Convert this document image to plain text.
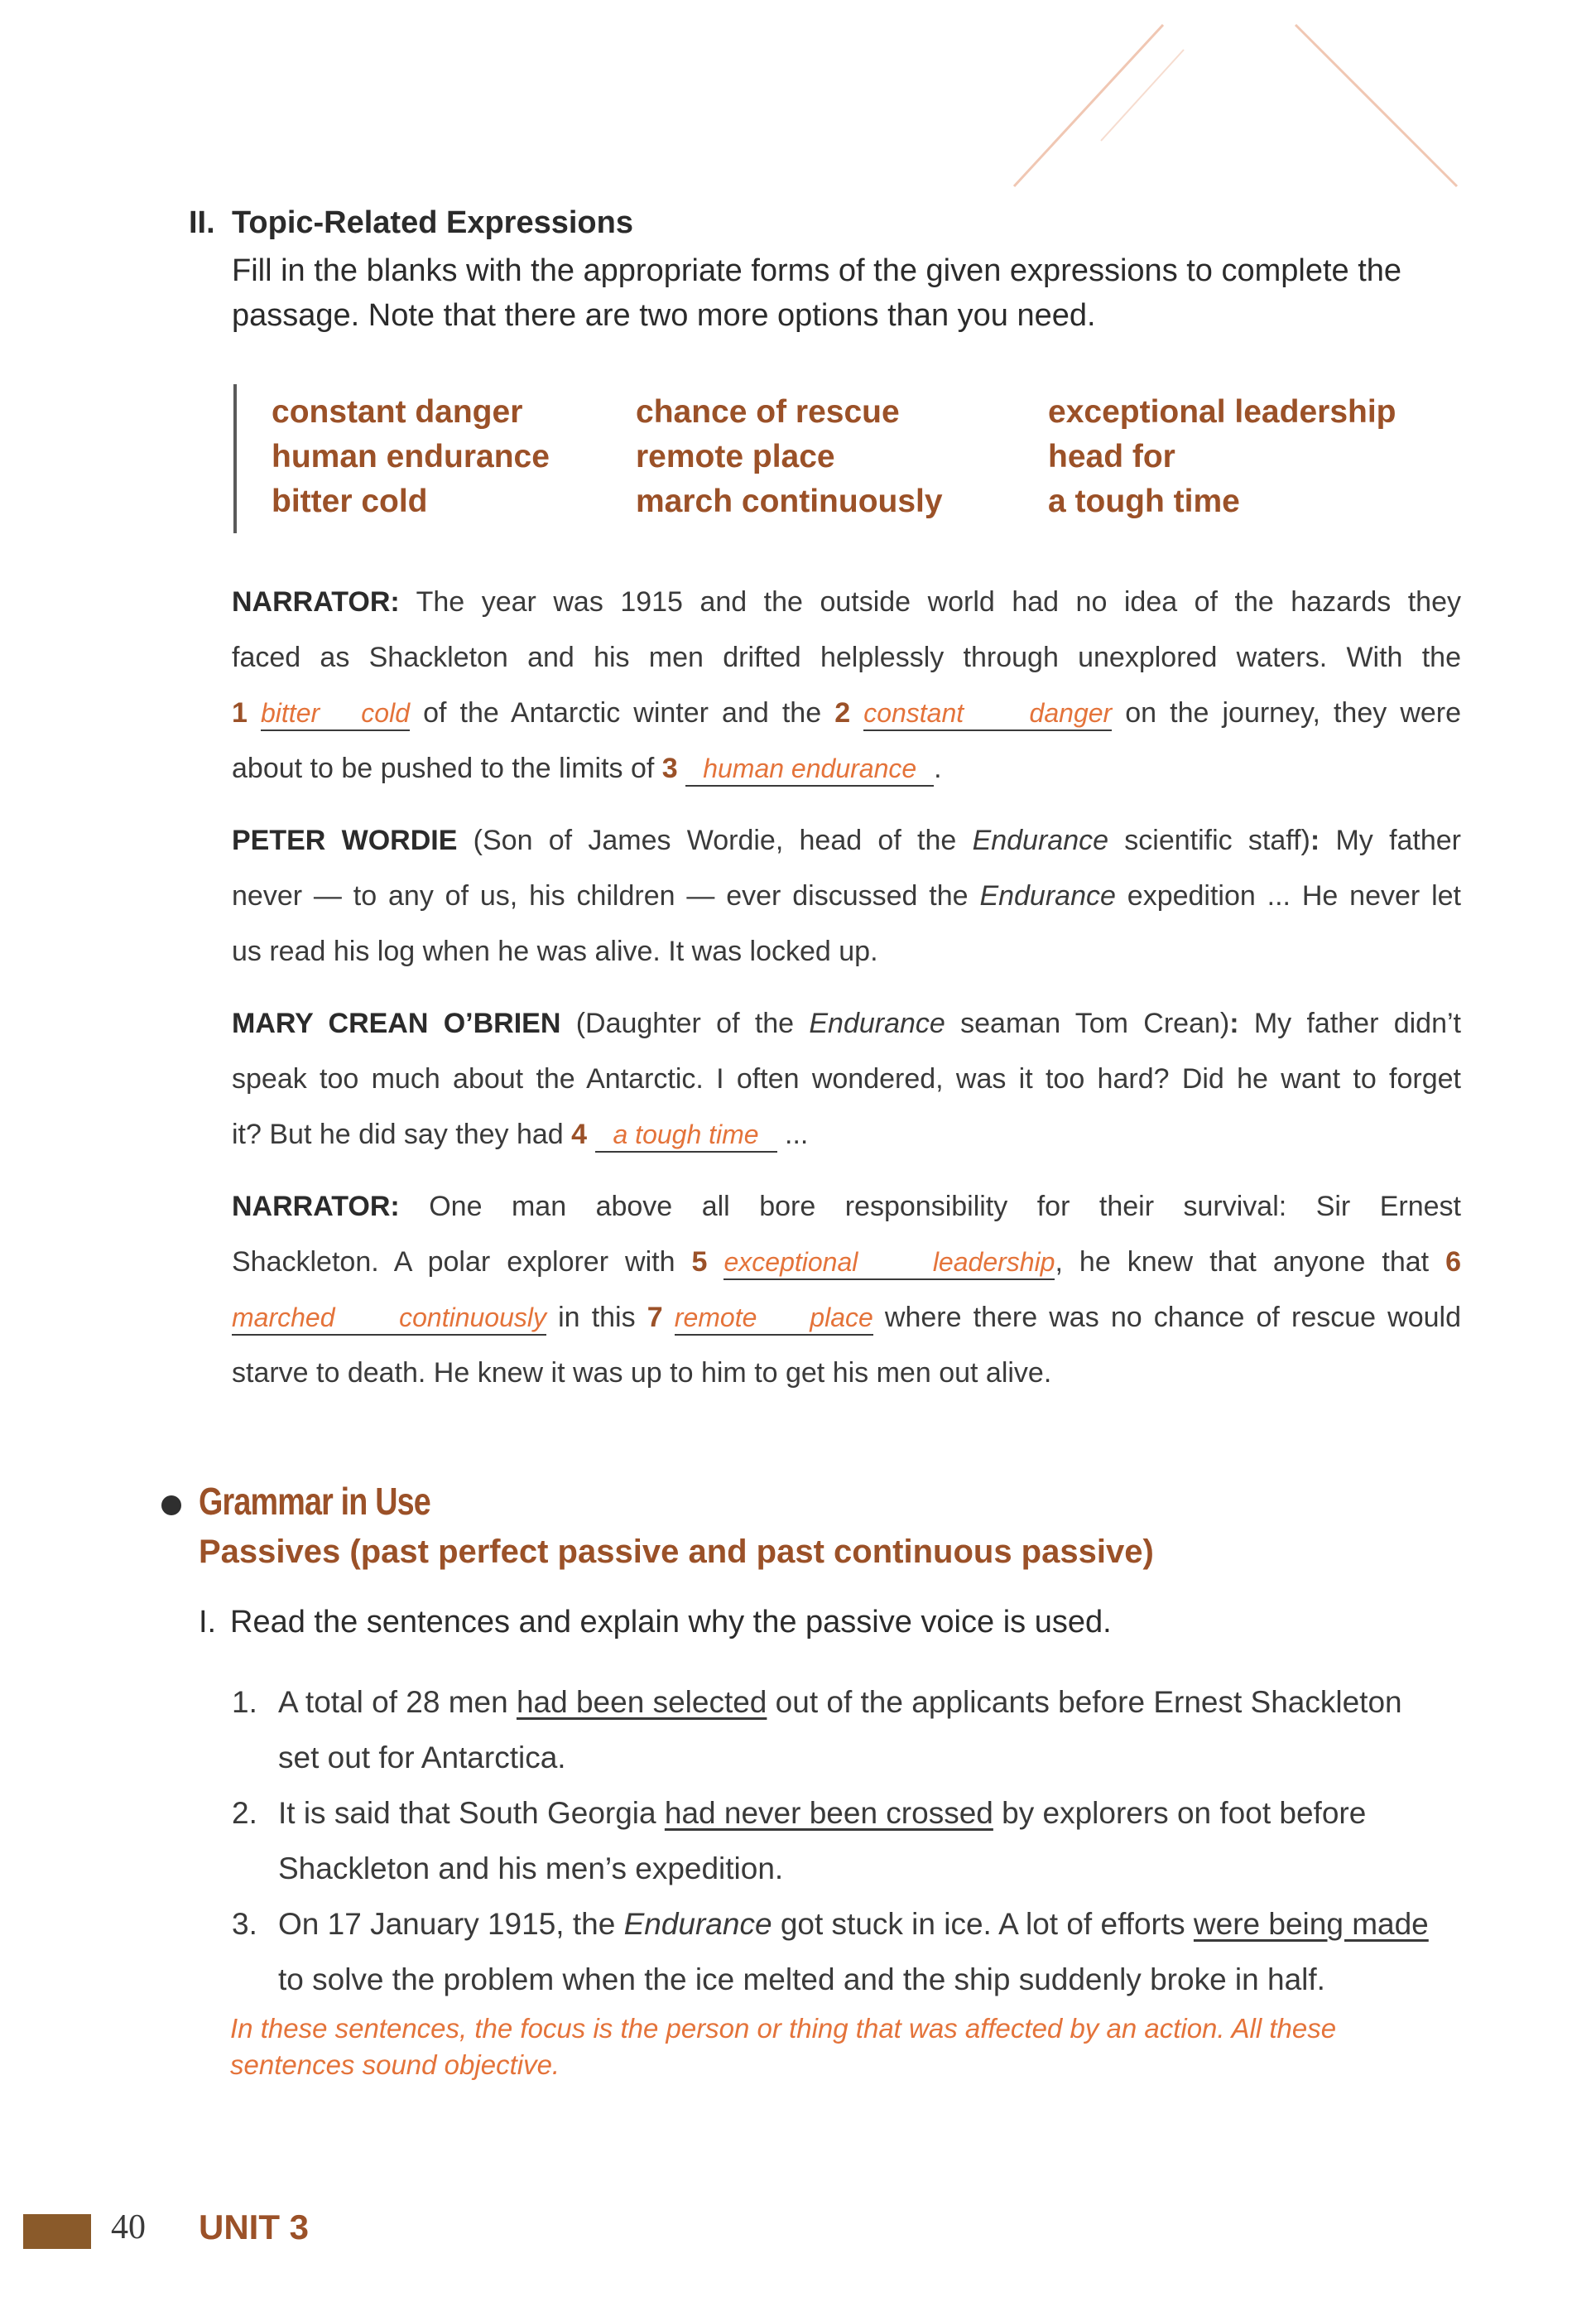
II. Topic-Related Expressions
Fill in the blanks with the appropriate forms of the given expressions to complete the
passage. Note that there are two more options than you need.
constant danger
human endurance
bitter cold
chance of rescue
remote place
march continuously
exceptional leadership
head for
a tough time
NARRATOR: The year was 1915 and the outside world had no idea of the hazards they
faced as Shackleton and his men drifted helplessly through unexplored waters. With the
1 bitter cold of the Antarctic winter and the 2 constant danger on the journey, they were
about to be pushed to the limits of 3 human endurance .
PETER WORDIE (Son of James Wordie, head of the Endurance scientific staff): My father
never — to any of us, his children — ever discussed the Endurance expedition ... He never let
us read his log when he was alive. It was locked up.
MARY CREAN O’BRIEN (Daughter of the Endurance seaman Tom Crean): My father didn’t
speak too much about the Antarctic. I often wondered, was it too hard? Did he want to forget
it? But he did say they had 4 a tough time ...
NARRATOR: One man above all bore responsibility for their survival: Sir Ernest
Shackleton. A polar explorer with 5 exceptional leadership, he knew that anyone that 6
marched continuously in this 7 remote place where there was no chance of rescue would
starve to death. He knew it was up to him to get his men out alive.
Grammar in Use
Passives (past perfect passive and past continuous passive)
I. Read the sentences and explain why the passive voice is used.
1. A total of 28 men had been selected out of the applicants before Ernest Shackleton
set out for Antarctica.
2. It is said that South Georgia had never been crossed by explorers on foot before
Shackleton and his men’s expedition.
3. On 17 January 1915, the Endurance got stuck in ice. A lot of efforts were being made
to solve the problem when the ice melted and the ship suddenly broke in half.
In these sentences, the focus is the person or thing that was affected by an action. All these
sentences sound objective.
40 UNIT 3
